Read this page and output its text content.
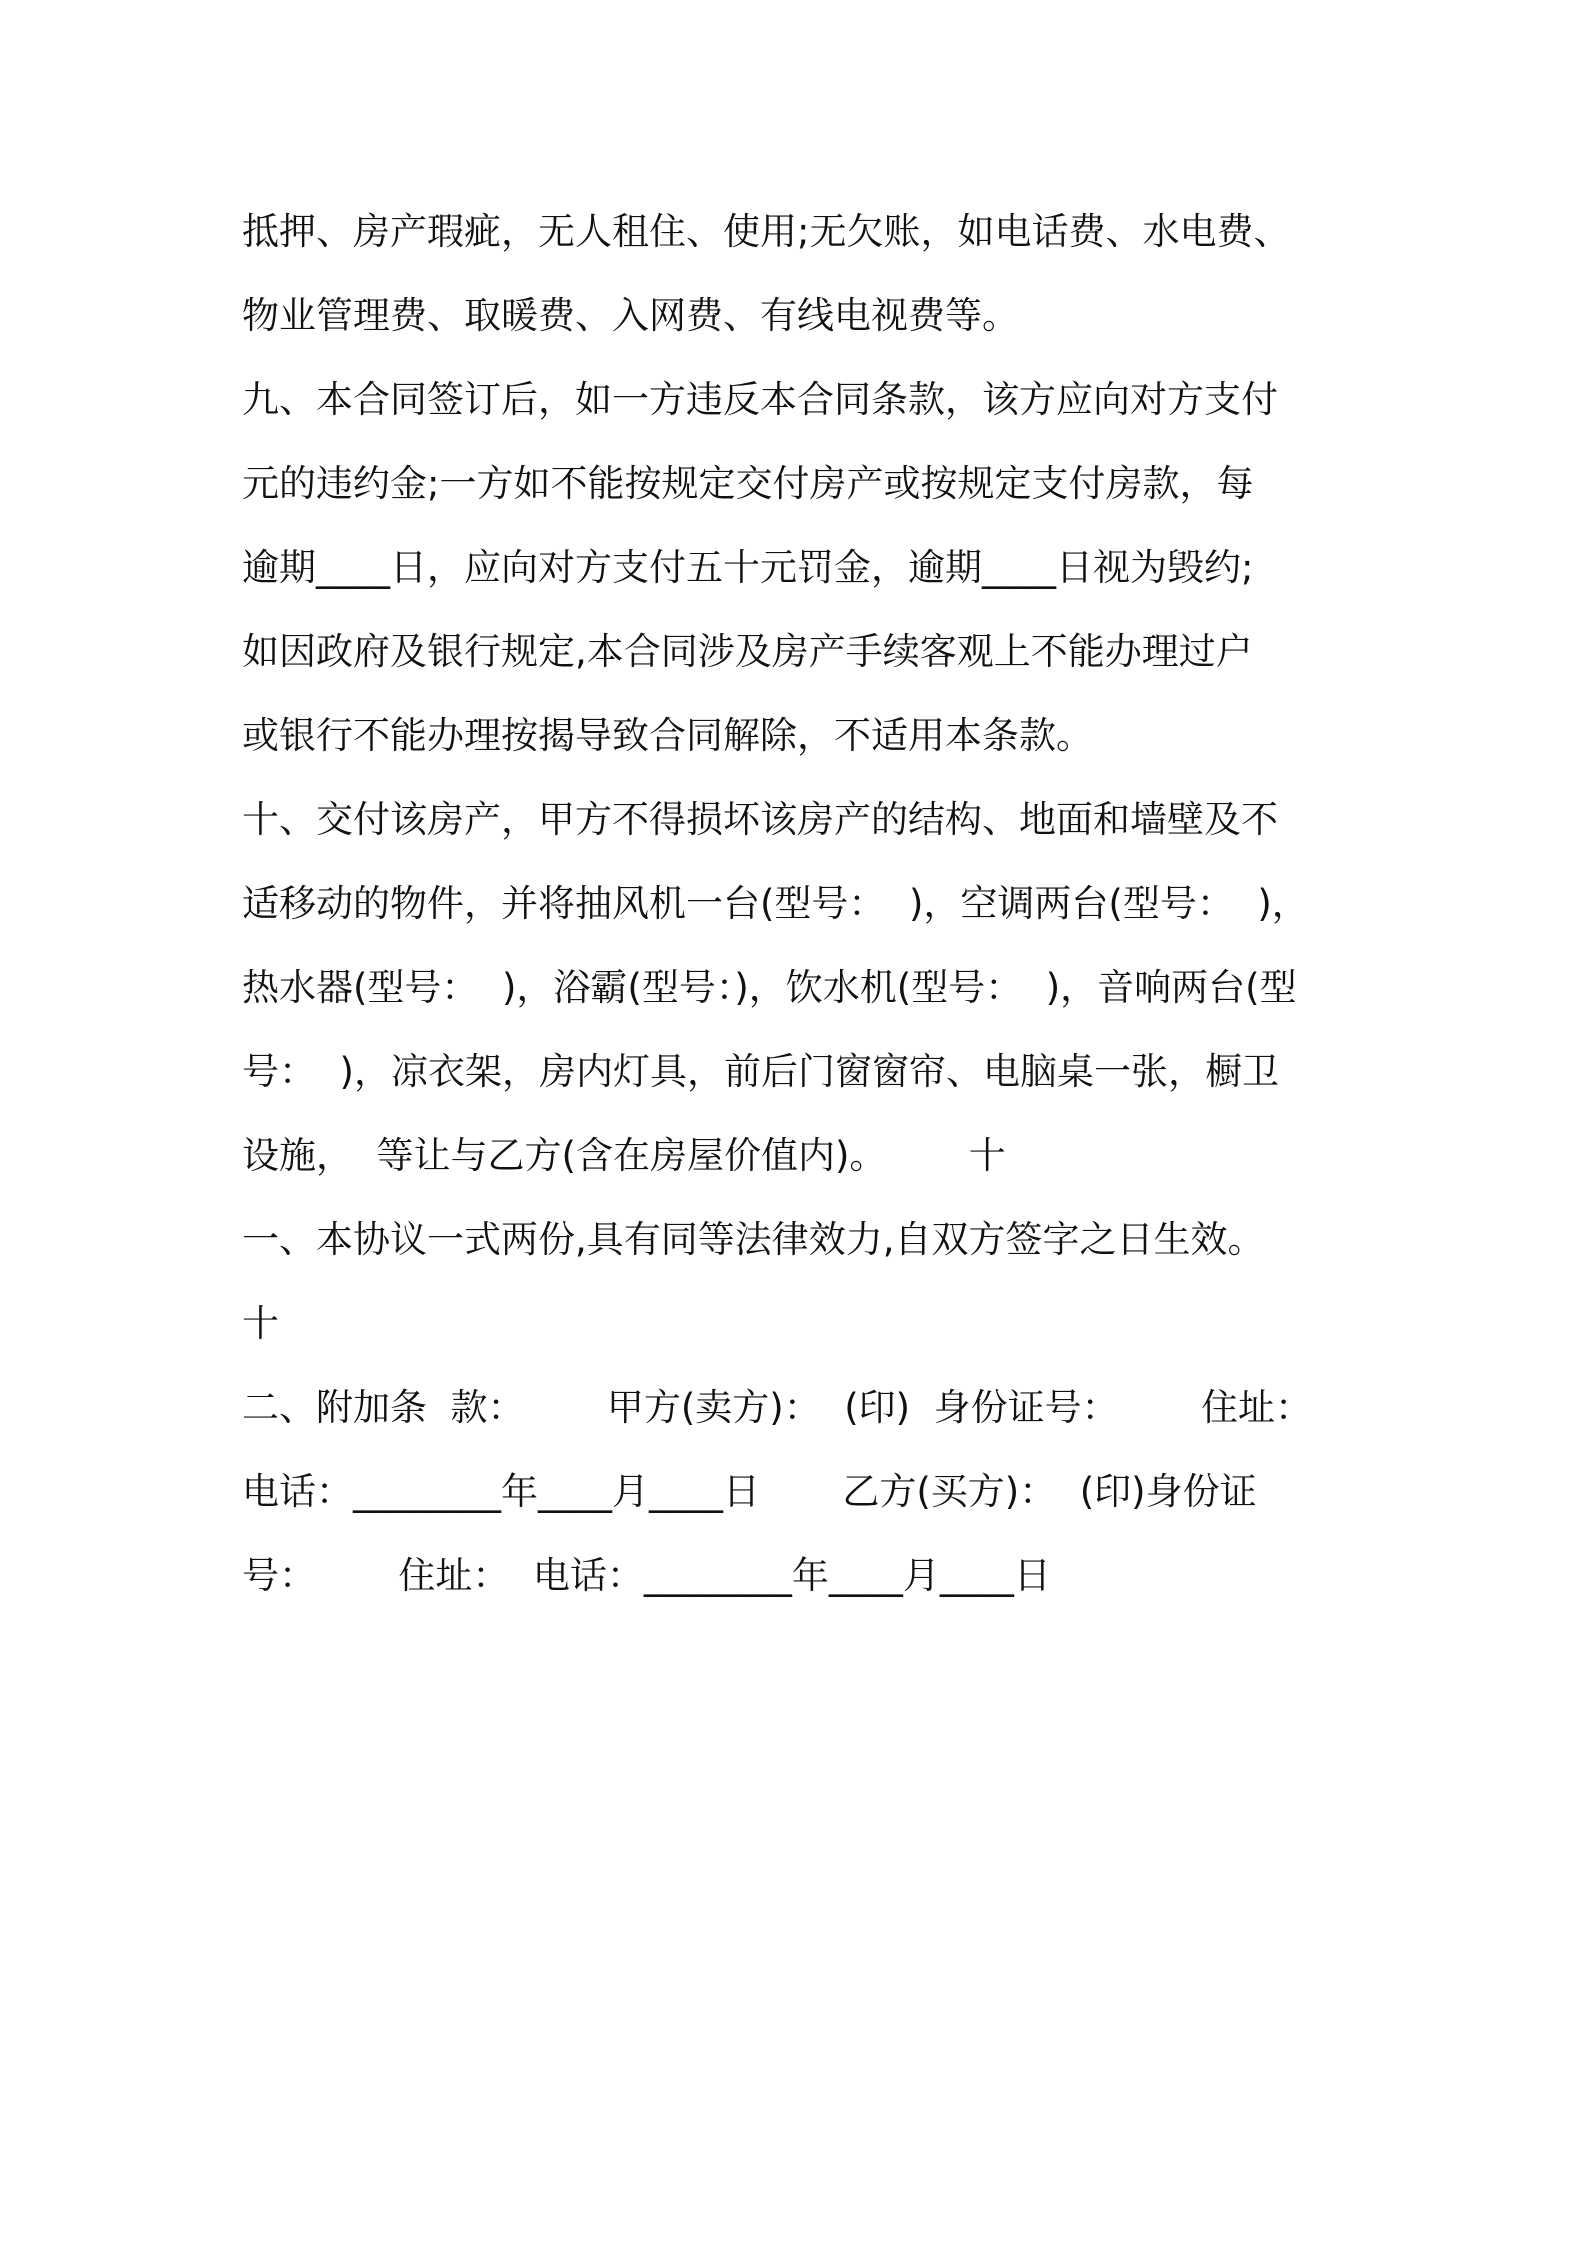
抵押、房产瑕疵，无人租住、使用;无欠账，如电话费、水电费、
物业管理费、取暖费、入网费、有线电视费等。
九、本合同签订后，如一方违反本合同条款，该方应向对方支付
元的违约金;一方如不能按规定交付房产或按规定支付房款，每
逾期____日，应向对方支付五十元罚金，逾期____日视为毁约;
如因政府及银行规定,本合同涉及房产手续客观上不能办理过户
或银行不能办理按揭导致合同解除，不适用本条款。
十、交付该房产，甲方不得损坏该房产的结构、地面和墙壁及不
适移动的物件，并将抽风机一台(型号：  )，空调两台(型号：  )，
热水器(型号：  )，浴霸(型号：)，饮水机(型号：  )，音响两台(型
号：  )，凉衣架，房内灯具，前后门窗窗帘、电脑桌一张，橱卫
设施，  等让与乙方(含在房屋价值内)。       十
一、本协议一式两份,具有同等法律效力,自双方签字之日生效。
十
二、附加条  款：       甲方(卖方)：  (印)  身份证号：       住址：
电话：________年____月____日       乙方(买方)：  (印)身份证
号：       住址：  电话：________年____月____日
